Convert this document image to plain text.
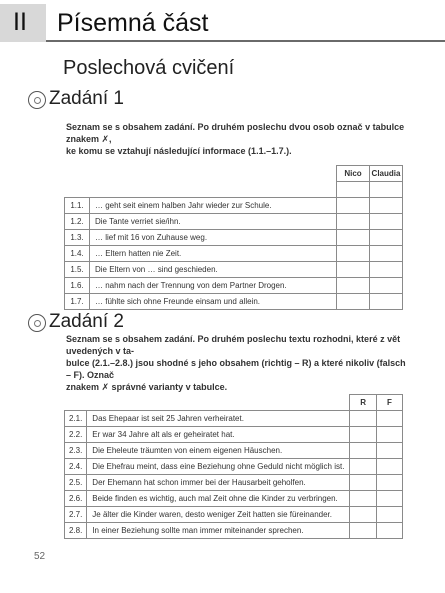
II Písemná část
Poslechová cvičení
Zadání 1
Seznam se s obsahem zadání. Po druhém poslechu dvou osob označ v tabulce znakem ✗,
ke komu se vztahují následující informace (1.1.–1.7.).
		Nico	Claudia

1.1.	… geht seit einem halben Jahr wieder zur Schule.		
1.2.	Die Tante verriet sie/ihn.		
1.3.	… lief mit 16 von Zuhause weg.		
1.4.	… Eltern hatten nie Zeit.		
1.5.	Die Eltern von … sind geschieden.		
1.6.	… nahm nach der Trennung von dem Partner Drogen.		
1.7.	… fühlte sich ohne Freunde einsam und allein.		
Zadání 2
Seznam se s obsahem zadání. Po druhém poslechu textu rozhodni, které z vět uvedených v ta-
bulce (2.1.–2.8.) jsou shodné s jeho obsahem (richtig – R) a které nikoliv (falsch – F). Označ
znakem ✗ správné varianty v tabulce.
		R	F
2.1.	Das Ehepaar ist seit 25 Jahren verheiratet.		
2.2.	Er war 34 Jahre alt als er geheiratet hat.		
2.3.	Die Eheleute träumten von einem eigenen Häuschen.		
2.4.	Die Ehefrau meint, dass eine Beziehung ohne Geduld nicht möglich ist.		
2.5.	Der Ehemann hat schon immer bei der Hausarbeit geholfen.		
2.6.	Beide finden es wichtig, auch mal Zeit ohne die Kinder zu verbringen.		
2.7.	Je älter die Kinder waren, desto weniger Zeit hatten sie füreinander.		
2.8.	In einer Beziehung sollte man immer miteinander sprechen.		
52
